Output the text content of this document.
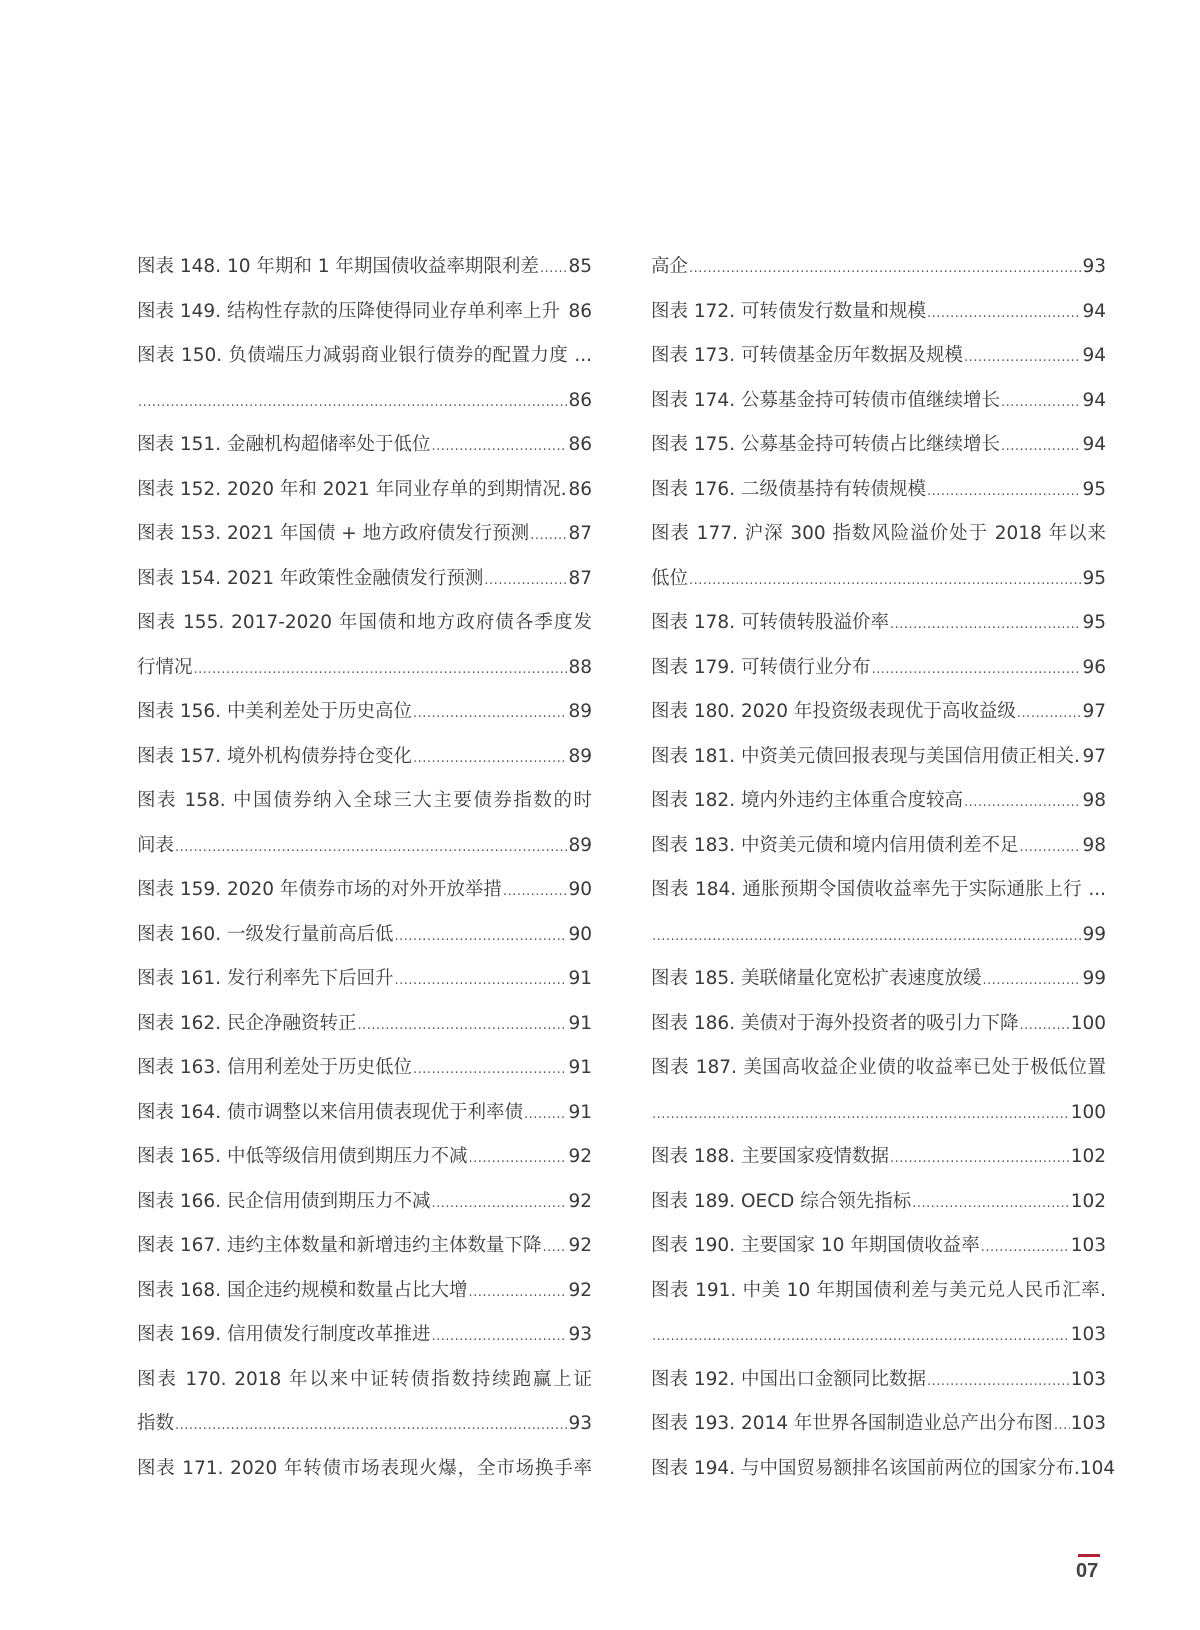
图表 148. 10 年期和 1 年期国债收益率期限利差 ..... 85
图表 149. 结构性存款的压降使得同业存单利率上升 86
图表 150. 负债端压力减弱商业银行债券的配置力度 ...
.....
86
图表 151. 金融机构超储率处于低位 .....	86
图表 152. 2020 年和 2021 年同业存单的到期情况. 86
图表 153. 2021 年国债 + 地方政府债发行预测 ..... 87
图表 154. 2021 年政策性金融债发行预测 .....	87
图表 155. 2017-2020 年国债和地方政府债各季度发
行情况 .....	88
图表 156. 中美利差处于历史高位 .....	89
图表 157. 境外机构债券持仓变化 .....	89
图表 158. 中国债券纳入全球三大主要债券指数的时
间表 .....	89
图表 159. 2020 年债券市场的对外开放举措 .....	90
图表 160. 一级发行量前高后低 .....	90
图表 161. 发行利率先下后回升 .....	91
图表 162. 民企净融资转正 .....	91
图表 163. 信用利差处于历史低位 .....	91
图表 164. 债市调整以来信用债表现优于利率债 ..... 91
图表 165. 中低等级信用债到期压力不减 .....	92
图表 166. 民企信用债到期压力不减 .....	92
图表 167. 违约主体数量和新增违约主体数量下降 ..... 92
图表 168. 国企违约规模和数量占比大增 .....	92
图表 169. 信用债发行制度改革推进 .....	93
图表 170. 2018 年以来中证转债指数持续跑赢上证
指数 .....	93
图表 171. 2020 年转债市场表现火爆，全市场换手率
高企 .....	93
图表 172. 可转债发行数量和规模 .....	94
图表 173. 可转债基金历年数据及规模 .....	94
图表 174. 公募基金持可转债市值继续增长 .....	94
图表 175. 公募基金持可转债占比继续增长 .....	94
图表 176. 二级债基持有转债规模 .....	95
图表 177. 沪深 300 指数风险溢价处于 2018 年以来
低位 .....	95
图表 178. 可转债转股溢价率 .....	95
图表 179. 可转债行业分布 .....	96
图表 180. 2020 年投资级表现优于高收益级 .....	97
图表 181. 中资美元债回报表现与美国信用债正相关. 97
图表 182. 境内外违约主体重合度较高 .....	98
图表 183. 中资美元债和境内信用债利差不足 .....	98
图表 184. 通胀预期令国债收益率先于实际通胀上行 ...
.....
99
图表 185. 美联储量化宽松扩表速度放缓 .....	99
图表 186. 美债对于海外投资者的吸引力下降 .....	100
图表 187. 美国高收益企业债的收益率已处于极低位置
.....
100
图表 188. 主要国家疫情数据 .....	102
图表 189. OECD 综合领先指标 .....	102
图表 190. 主要国家 10 年期国债收益率 .....	103
图表 191. 中美 10 年期国债利差与美元兑人民币汇率.
.....
103
图表 192. 中国出口金额同比数据 .....	103
图表 193. 2014 年世界各国制造业总产出分布图 ..... 103
图表 194. 与中国贸易额排名该国前两位的国家分布. 104
07
